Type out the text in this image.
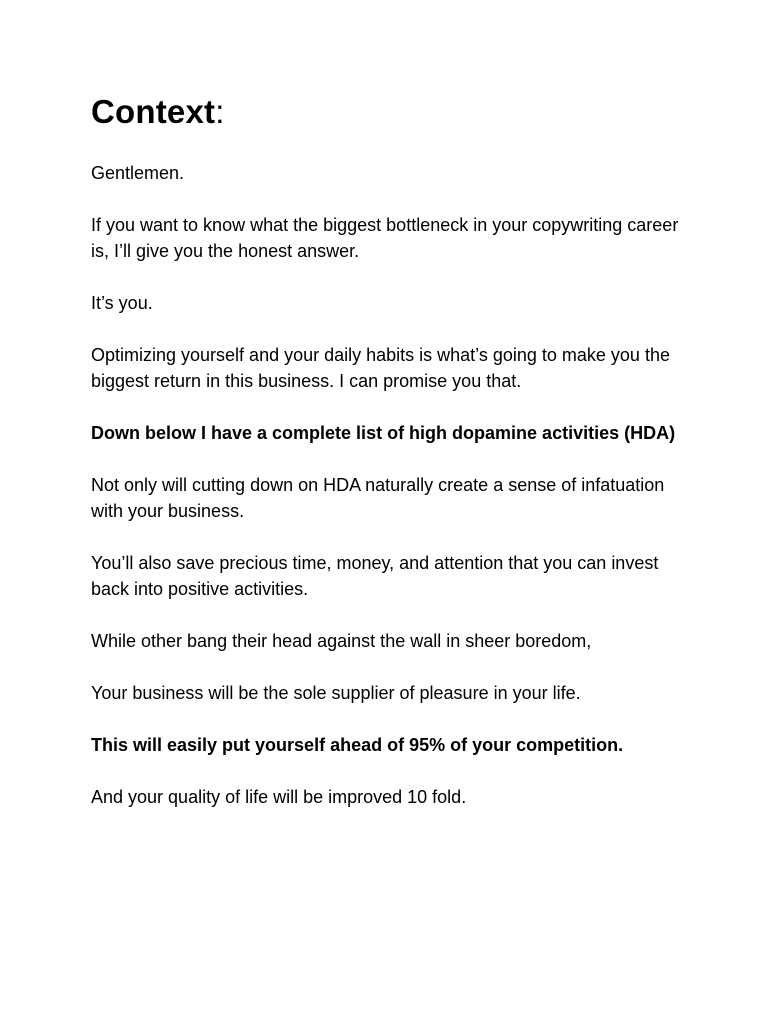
Context:

Gentlemen.

If you want to know what the biggest bottleneck in your copywriting career is, I’ll give you the honest answer.

It’s you.

Optimizing yourself and your daily habits is what’s going to make you the biggest return in this business. I can promise you that.

Down below I have a complete list of high dopamine activities (HDA)

Not only will cutting down on HDA naturally create a sense of infatuation with your business.

You’ll also save precious time, money, and attention that you can invest back into positive activities.

While other bang their head against the wall in sheer boredom,

Your business will be the sole supplier of pleasure in your life.

This will easily put yourself ahead of 95% of your competition.

And your quality of life will be improved 10 fold.
